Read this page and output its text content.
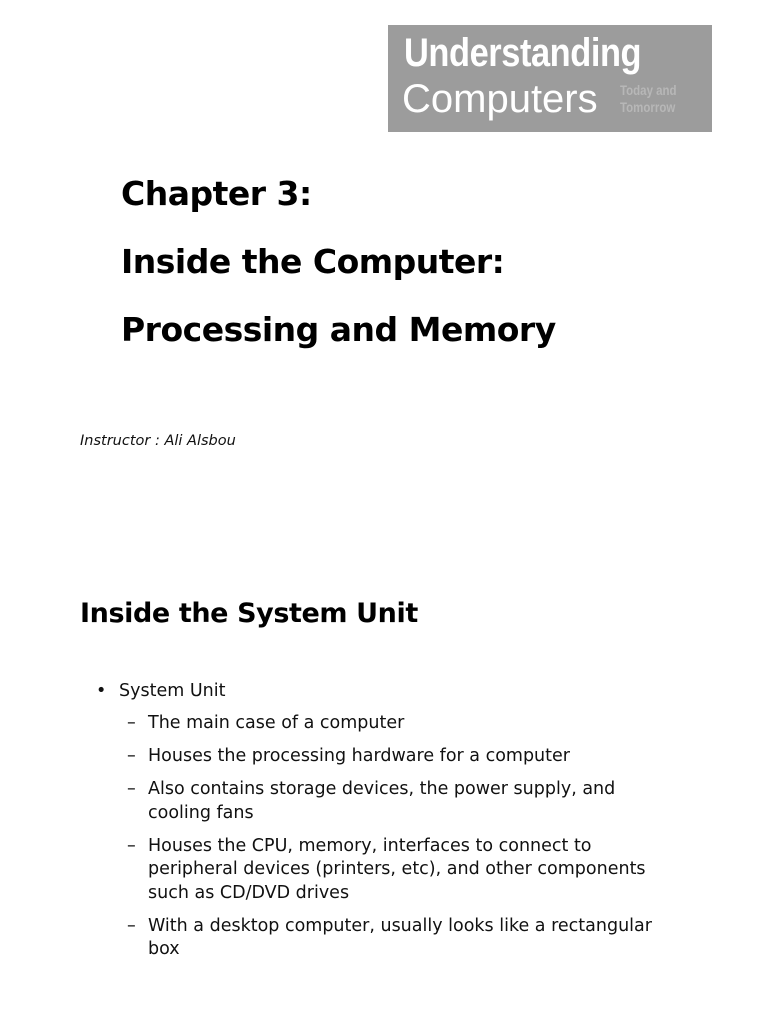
Understanding
Computers Today and
Tomorrow
Chapter 3:
Inside the Computer:
Processing and Memory
Instructor : Ali Alsbou
Inside the System Unit
• System Unit
– The main case of a computer
– Houses the processing hardware for a computer
– Also contains storage devices, the power supply, and cooling fans
– Houses the CPU, memory, interfaces to connect to peripheral devices (printers, etc), and other components such as CD/DVD drives
– With a desktop computer, usually looks like a rectangular box
